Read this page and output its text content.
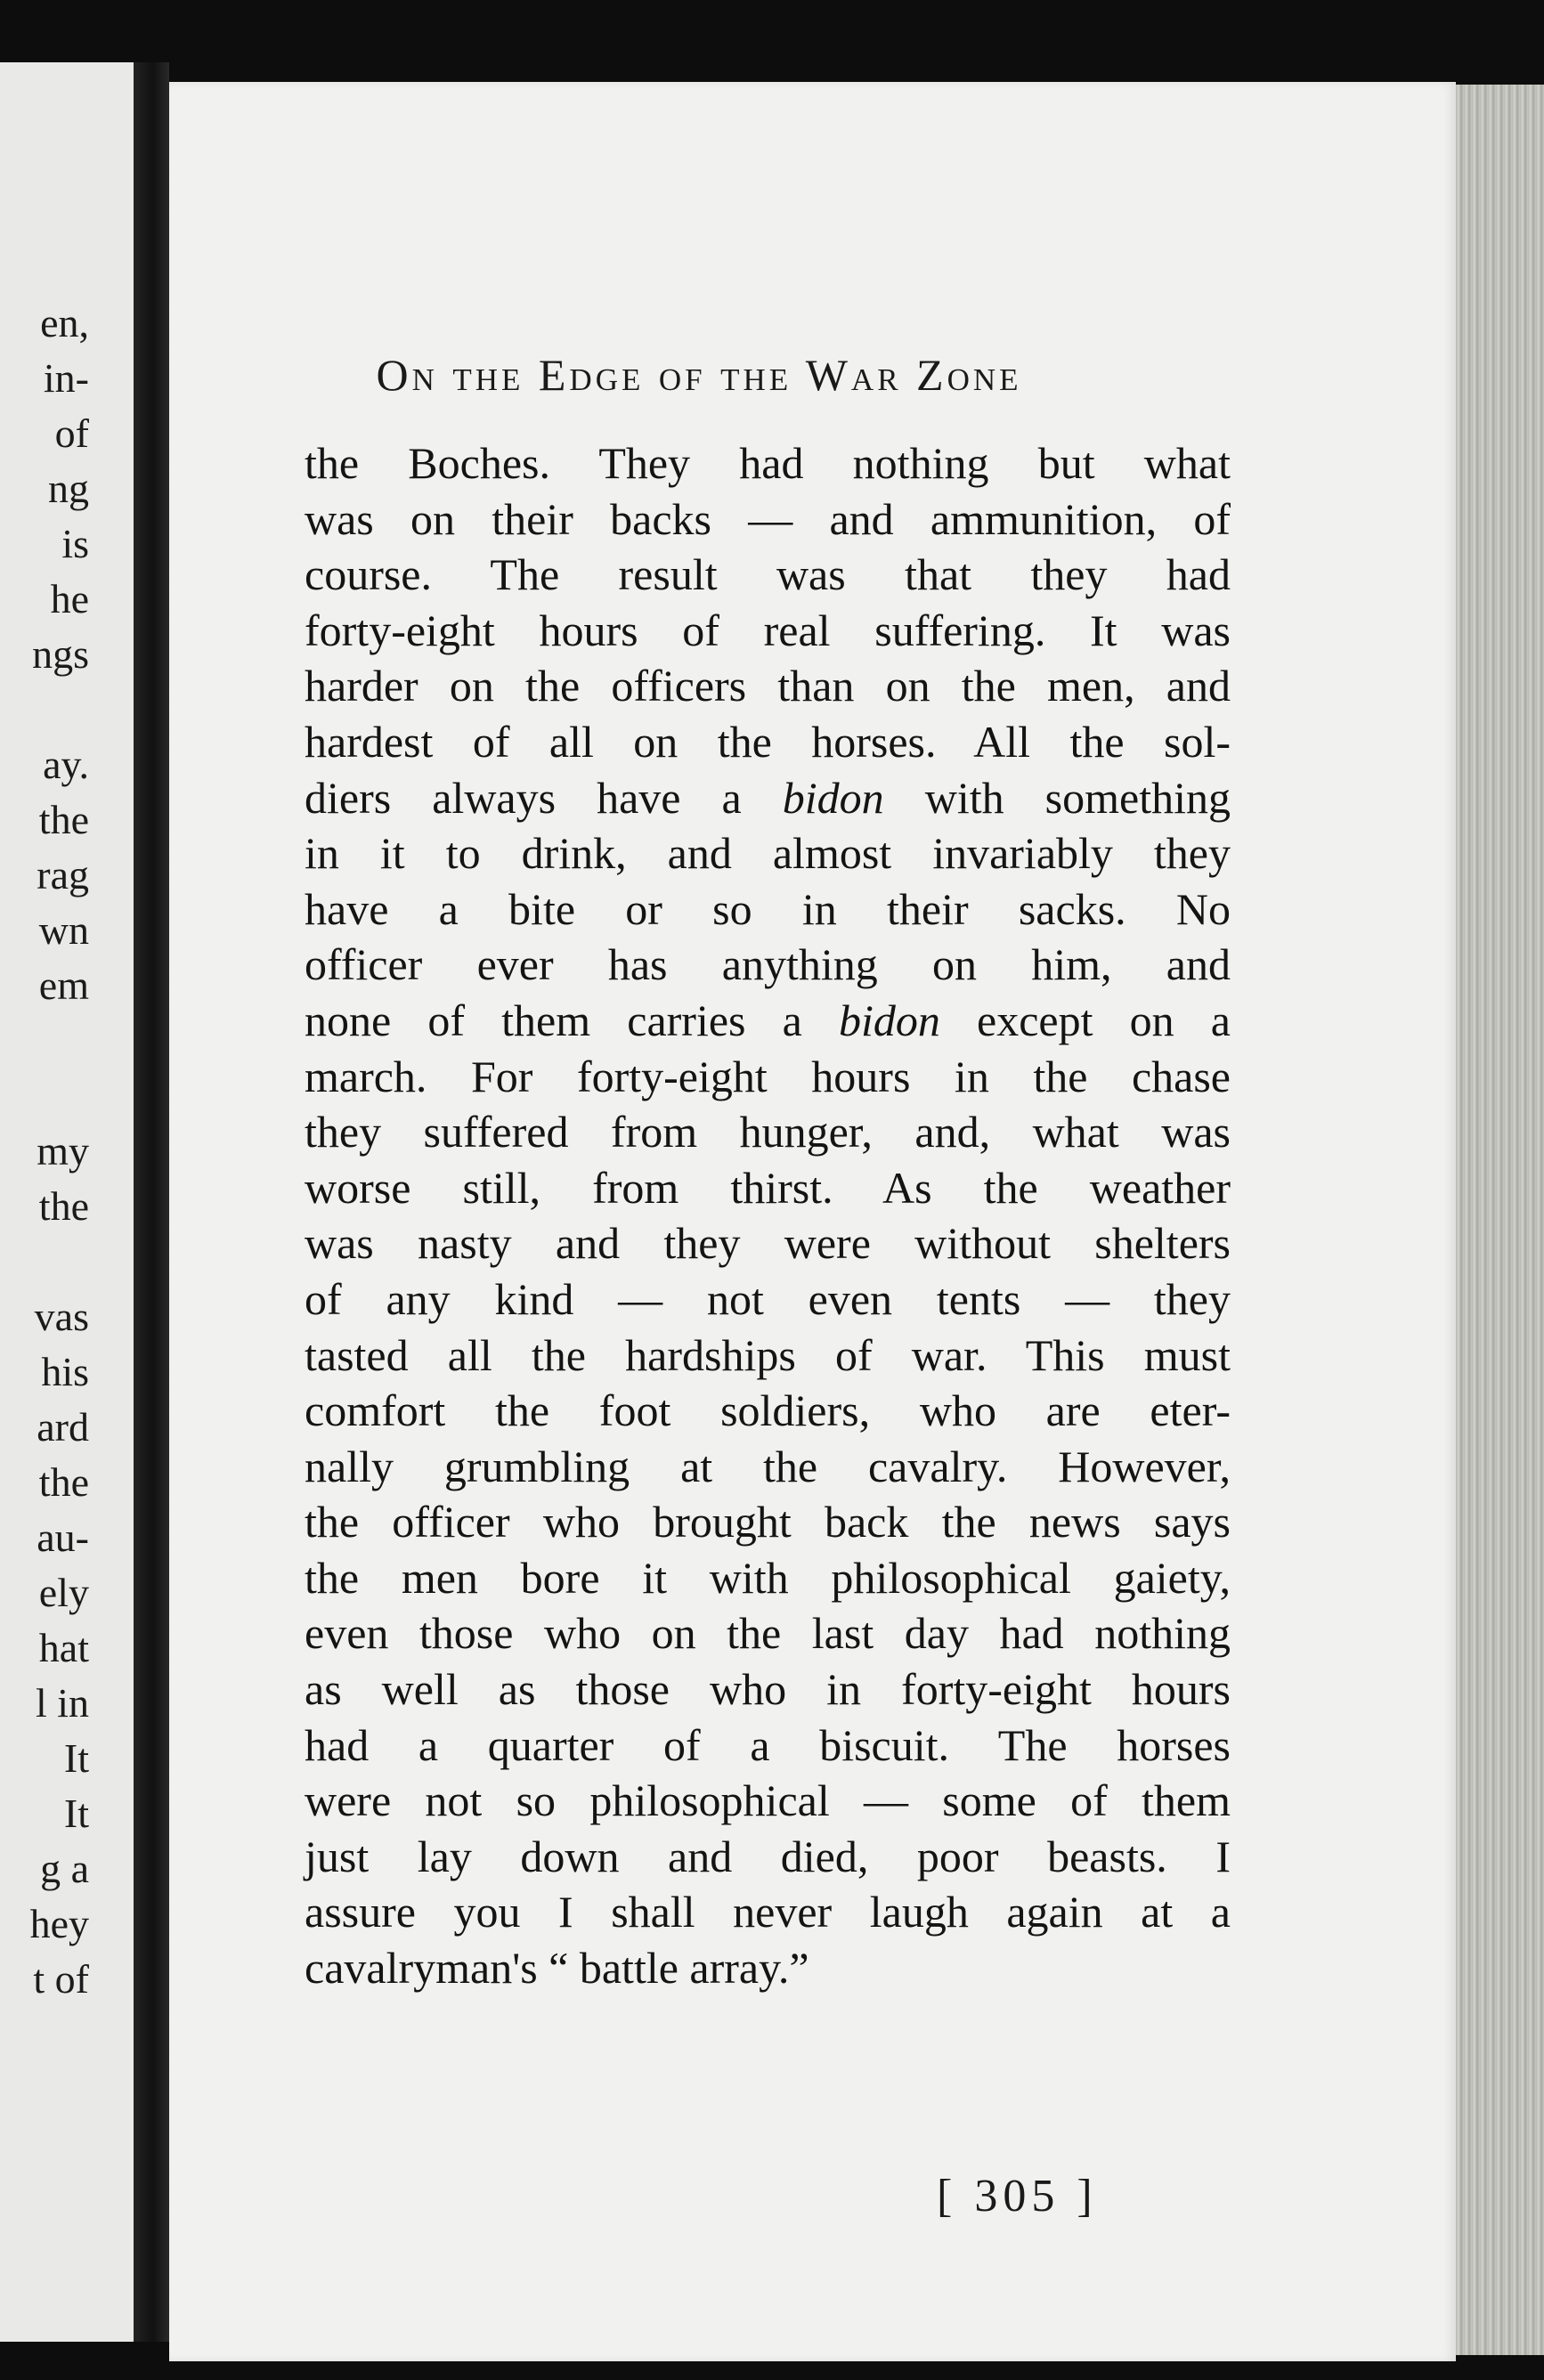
en,
in-
of
ng
is
he
ngs
ay.
the
rag
wn
em
my
the
vas
his
ard
the
au-
ely
hat
l in
It
It
g a
hey
t of
On the Edge of the War Zone
the Boches. They had nothing but what
was on their backs — and ammunition, of
course. The result was that they had
forty-eight hours of real suffering. It was
harder on the officers than on the men, and
hardest of all on the horses. All the sol-
diers always have a bidon with something
in it to drink, and almost invariably they
have a bite or so in their sacks. No
officer ever has anything on him, and
none of them carries a bidon except on a
march. For forty-eight hours in the chase
they suffered from hunger, and, what was
worse still, from thirst. As the weather
was nasty and they were without shelters
of any kind — not even tents — they
tasted all the hardships of war. This must
comfort the foot soldiers, who are eter-
nally grumbling at the cavalry. However,
the officer who brought back the news says
the men bore it with philosophical gaiety,
even those who on the last day had nothing
as well as those who in forty-eight hours
had a quarter of a biscuit. The horses
were not so philosophical — some of them
just lay down and died, poor beasts. I
assure you I shall never laugh again at a
cavalryman's “ battle array.”
[ 305 ]
